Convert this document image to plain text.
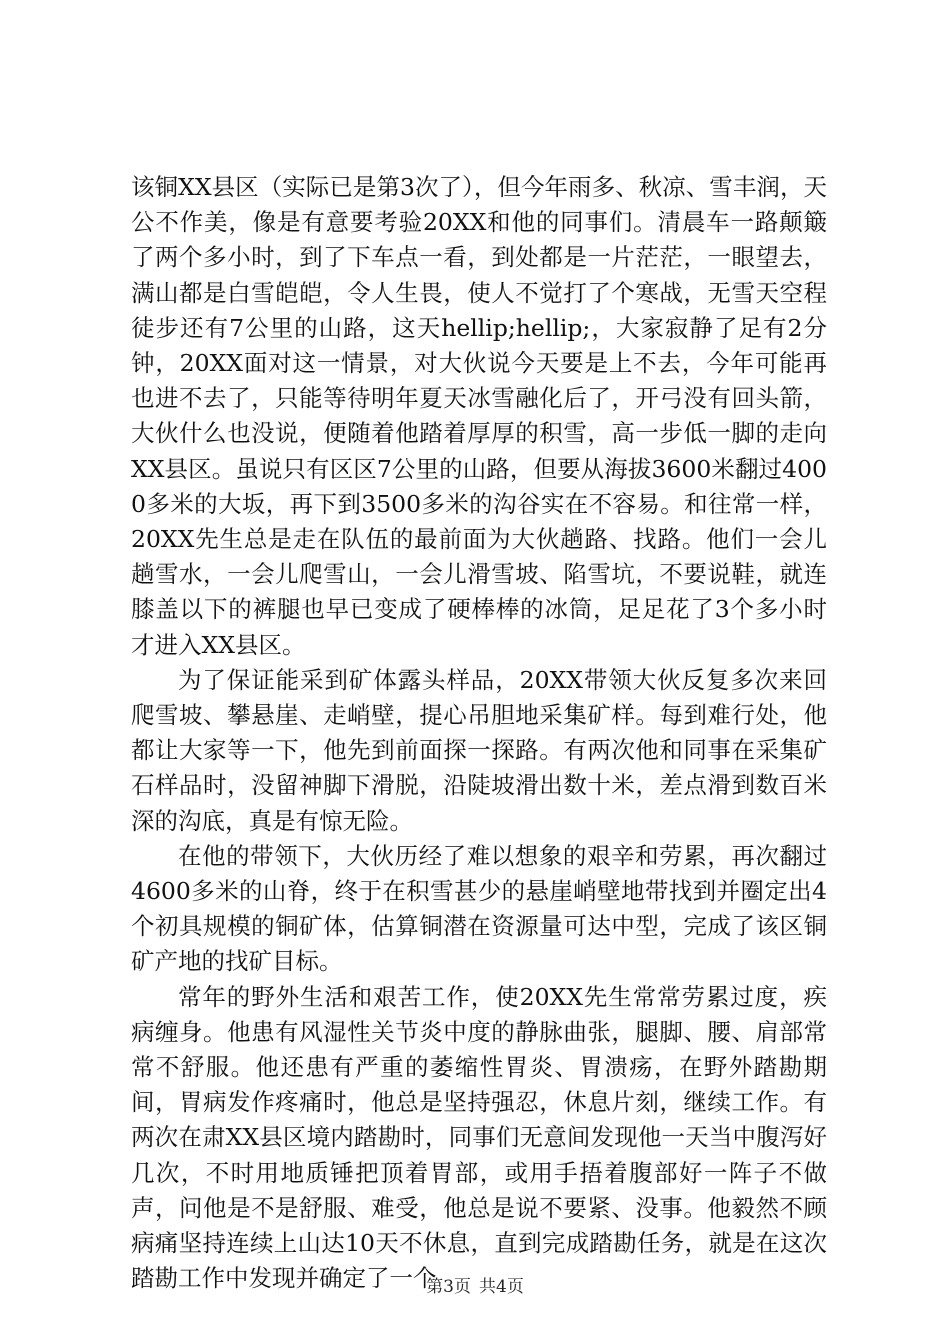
该铜XX县区（实际已是第3次了），但今年雨多、秋凉、雪丰润，天公不作美，像是有意要考验20XX和他的同事们。清晨车一路颠簸了两个多小时，到了下车点一看，到处都是一片茫茫，一眼望去，满山都是白雪皑皑，令人生畏，使人不觉打了个寒战，无雪天空程徒步还有7公里的山路，这天hellip;hellip;，大家寂静了足有2分钟，20XX面对这一情景，对大伙说今天要是上不去，今年可能再也进不去了，只能等待明年夏天冰雪融化后了，开弓没有回头箭，大伙什么也没说，便随着他踏着厚厚的积雪，高一步低一脚的走向XX县区。虽说只有区区7公里的山路，但要从海拔3600米翻过4000多米的大坂，再下到3500多米的沟谷实在不容易。和往常一样，20XX先生总是走在队伍的最前面为大伙趟路、找路。他们一会儿趟雪水，一会儿爬雪山，一会儿滑雪坡、陷雪坑，不要说鞋，就连膝盖以下的裤腿也早已变成了硬棒棒的冰筒，足足花了3个多小时才进入XX县区。

为了保证能采到矿体露头样品，20XX带领大伙反复多次来回爬雪坡、攀悬崖、走峭壁，提心吊胆地采集矿样。每到难行处，他都让大家等一下，他先到前面探一探路。有两次他和同事在采集矿石样品时，没留神脚下滑脱，沿陡坡滑出数十米，差点滑到数百米深的沟底，真是有惊无险。

在他的带领下，大伙历经了难以想象的艰辛和劳累，再次翻过4600多米的山脊，终于在积雪甚少的悬崖峭壁地带找到并圈定出4个初具规模的铜矿体，估算铜潜在资源量可达中型，完成了该区铜矿产地的找矿目标。

常年的野外生活和艰苦工作，使20XX先生常常劳累过度，疾病缠身。他患有风湿性关节炎中度的静脉曲张，腿脚、腰、肩部常常不舒服。他还患有严重的萎缩性胃炎、胃溃疡，在野外踏勘期间，胃病发作疼痛时，他总是坚持强忍，休息片刻，继续工作。有两次在肃XX县区境内踏勘时，同事们无意间发现他一天当中腹泻好几次，不时用地质锤把顶着胃部，或用手捂着腹部好一阵子不做声，问他是不是舒服、难受，他总是说不要紧、没事。他毅然不顾病痛坚持连续上山达10天不休息，直到完成踏勘任务，就是在这次踏勘工作中发现并确定了一个

第3页 共4页
